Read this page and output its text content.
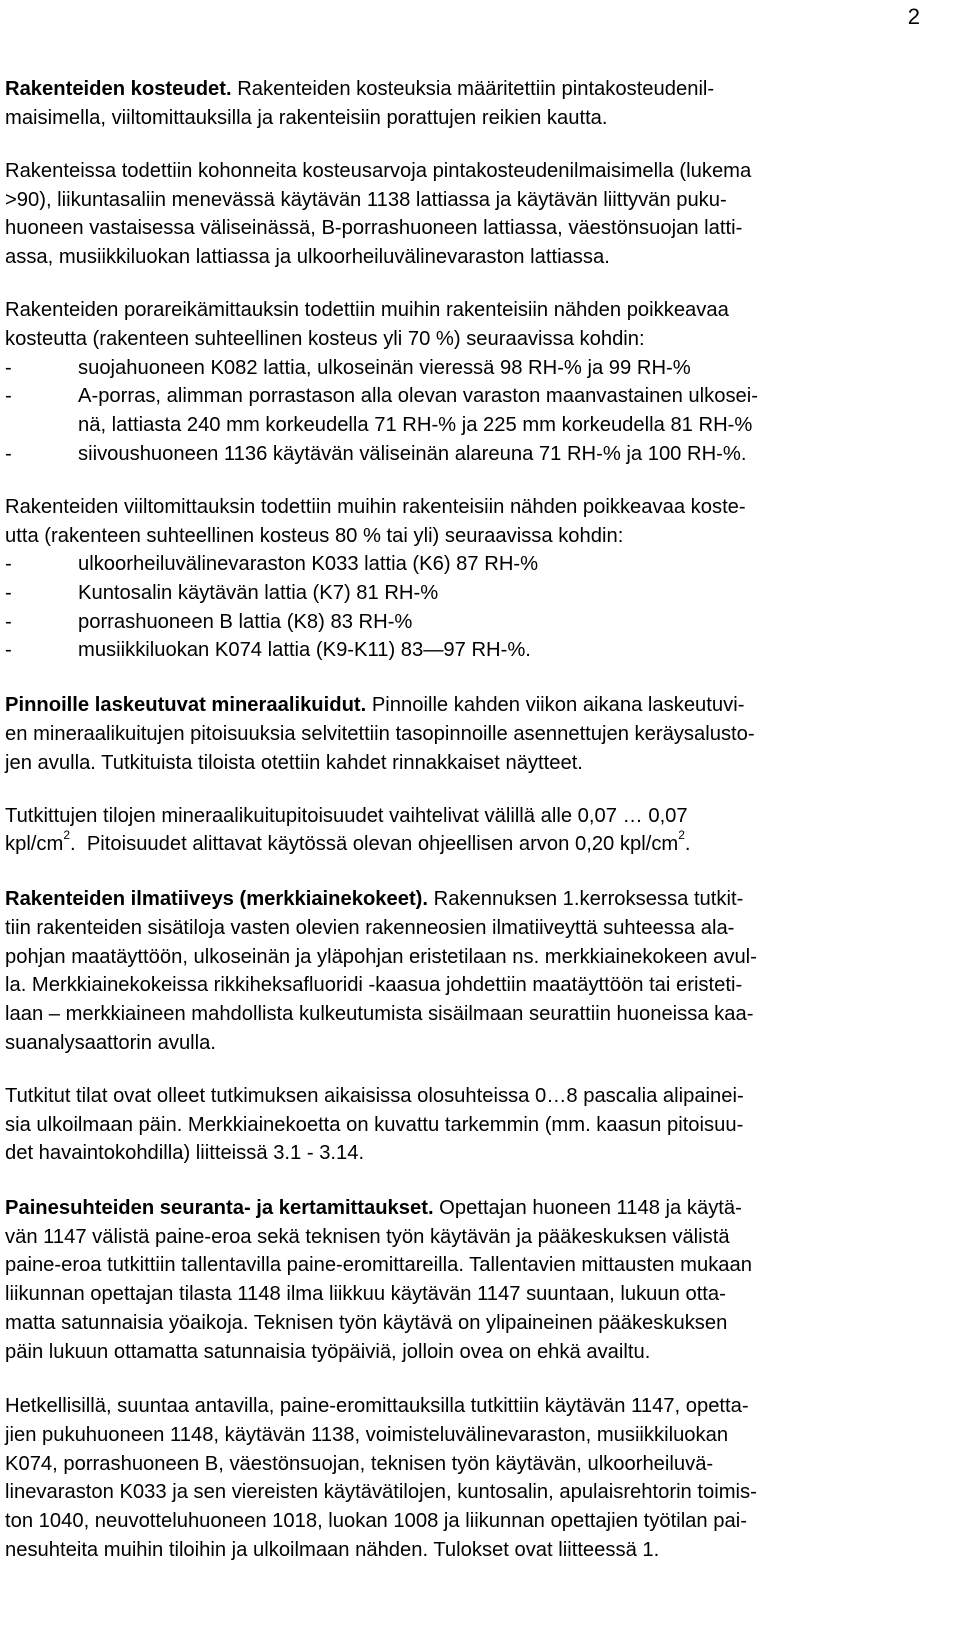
2
Rakenteiden kosteudet. Rakenteiden kosteuksia määritettiin pintakosteudenil-
maisimella, viiltomittauksilla ja rakenteisiin porattujen reikien kautta.
Rakenteissa todettiin kohonneita kosteusarvoja pintakosteudenilmaisimella (lukema
>90), liikuntasaliin menevässä käytävän 1138 lattiassa ja käytävän liittyvän puku-
huoneen vastaisessa väliseinässä, B-porrashuoneen lattiassa, väestönsuojan latti-
assa, musiikkiluokan lattiassa ja ulkoorheiluvälinevaraston lattiassa.
Rakenteiden porareikämittauksin todettiin muihin rakenteisiin nähden poikkeavaa
kosteutta (rakenteen suhteellinen kosteus yli 70 %) seuraavissa kohdin:
-	suojahuoneen K082 lattia, ulkoseinän vieressä 98 RH-% ja 99 RH-%
-	A-porras, alimman porrastason alla olevan varaston maanvastainen ulkosei-
nä, lattiasta 240 mm korkeudella 71 RH-% ja 225 mm korkeudella 81 RH-%
-	siivoushuoneen 1136 käytävän väliseinän alareuna 71 RH-% ja 100 RH-%.
Rakenteiden viiltomittauksin todettiin muihin rakenteisiin nähden poikkeavaa koste-
utta (rakenteen suhteellinen kosteus 80 % tai yli) seuraavissa kohdin:
-	ulkoorheiluvälinevaraston K033 lattia (K6) 87 RH-%
-	Kuntosalin käytävän lattia (K7) 81 RH-%
-	porrashuoneen B lattia (K8) 83 RH-%
-	musiikkiluokan K074 lattia (K9-K11) 83—97 RH-%.
Pinnoille laskeutuvat mineraalikuidut. Pinnoille kahden viikon aikana laskeutuvi-
en mineraalikuitujen pitoisuuksia selvitettiin tasopinnoille asennettujen keräysalusto-
jen avulla. Tutkituista tiloista otettiin kahdet rinnakkaiset näytteet.
Tutkittujen tilojen mineraalikuitupitoisuudet vaihtelivat välillä alle 0,07 … 0,07
kpl/$cm^2$.  Pitoisuudet alittavat käytössä olevan ohjeellisen arvon 0,20 kpl/$cm^2$.
Rakenteiden ilmatiiveys (merkkiainekokeet). Rakennuksen 1.kerroksessa tutkit-
tiin rakenteiden sisätiloja vasten olevien rakenneosien ilmatiiveyttä suhteessa ala-
pohjan maatäyttöön, ulkoseinän ja yläpohjan eristetilaan ns. merkkiainekokeen avul-
la. Merkkiainekokeissa rikkiheksafluoridi -kaasua johdettiin maatäyttöön tai eristeti-
laan – merkkiaineen mahdollista kulkeutumista sisäilmaan seurattiin huoneissa kaa-
suanalysaattorin avulla.
Tutkitut tilat ovat olleet tutkimuksen aikaisissa olosuhteissa 0…8 pascalia alipainei-
sia ulkoilmaan päin. Merkkiainekoetta on kuvattu tarkemmin (mm. kaasun pitoisuu-
det havaintokohdilla) liitteissä 3.1 - 3.14.
Painesuhteiden seuranta- ja kertamittaukset. Opettajan huoneen 1148 ja käytä-
vän 1147 välistä paine-eroa sekä teknisen työn käytävän ja pääkeskuksen välistä
paine-eroa tutkittiin tallentavilla paine-eromittareilla. Tallentavien mittausten mukaan
liikunnan opettajan tilasta 1148 ilma liikkuu käytävän 1147 suuntaan, lukuun otta-
matta satunnaisia yöaikoja. Teknisen työn käytävä on ylipaineinen pääkeskuksen
päin lukuun ottamatta satunnaisia työpäiviä, jolloin ovea on ehkä availtu.
Hetkellisillä, suuntaa antavilla, paine-eromittauksilla tutkittiin käytävän 1147, opetta-
jien pukuhuoneen 1148, käytävän 1138, voimisteluvälinevaraston, musiikkiluokan
K074, porrashuoneen B, väestönsuojan, teknisen työn käytävän, ulkoorheiluvä-
linevaraston K033 ja sen viereisten käytävätilojen, kuntosalin, apulaisrehtorin toimis-
ton 1040, neuvotteluhuoneen 1018, luokan 1008 ja liikunnan opettajien työtilan pai-
nesuhteita muihin tiloihin ja ulkoilmaan nähden. Tulokset ovat liitteessä 1.
